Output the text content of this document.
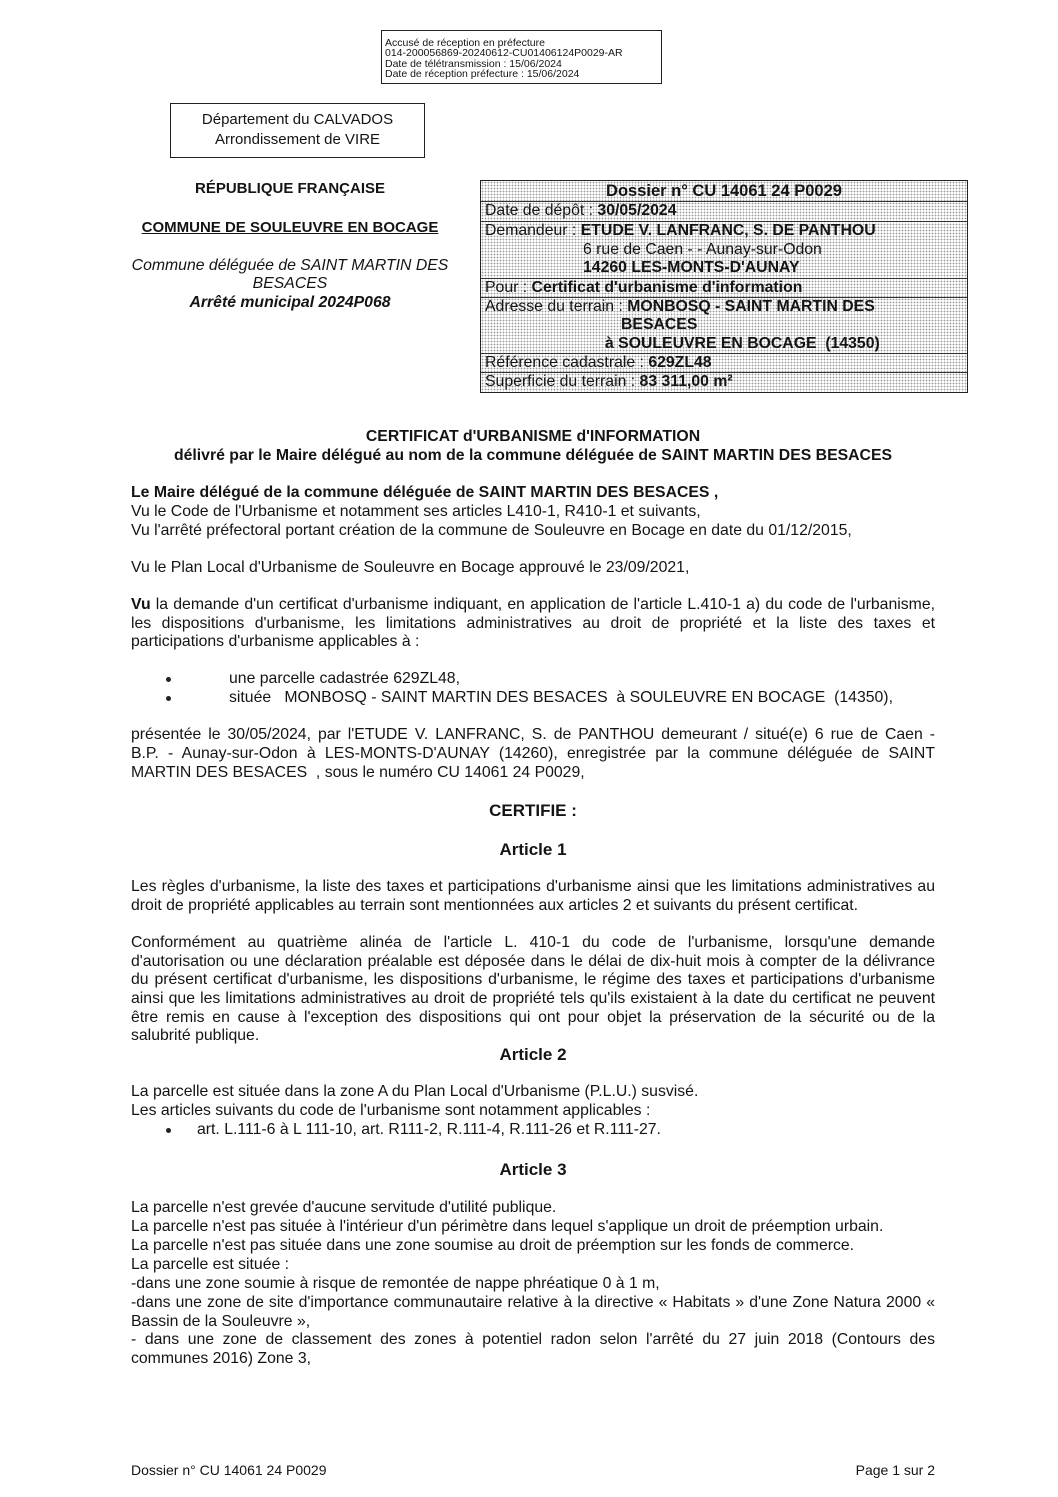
Accusé de réception en préfecture
014-200056869-20240612-CU01406124P0029-AR
Date de télétransmission : 15/06/2024
Date de réception préfecture : 15/06/2024
Département du CALVADOS
Arrondissement de VIRE
RÉPUBLIQUE FRANÇAISE
COMMUNE DE SOULEUVRE EN BOCAGE
Commune déléguée de SAINT MARTIN DES
BESACES
Arrêté municipal 2024P068
Dossier n° CU 14061 24 P0029
Date de dépôt : 30/05/2024
Demandeur : ETUDE V. LANFRANC, S. DE PANTHOU
6 rue de Caen - - Aunay-sur-Odon
14260 LES-MONTS-D'AUNAY
Pour : Certificat d'urbanisme d'information
Adresse du terrain : MONBOSQ - SAINT MARTIN DES
BESACES
à SOULEUVRE EN BOCAGE  (14350)
Référence cadastrale : 629ZL48
Superficie du terrain : 83 311,00 m²
CERTIFICAT d'URBANISME d'INFORMATION
délivré par le Maire délégué au nom de la commune déléguée de SAINT MARTIN DES BESACES
Le Maire délégué de la commune déléguée de SAINT MARTIN DES BESACES ,
Vu le Code de l'Urbanisme et notamment ses articles L410-1, R410-1 et suivants,
Vu l'arrêté préfectoral portant création de la commune de Souleuvre en Bocage en date du 01/12/2015,
Vu le Plan Local d'Urbanisme de Souleuvre en Bocage approuvé le 23/09/2021,
Vu la demande d'un certificat d'urbanisme indiquant, en application de l'article L.410-1 a) du code de l'urbanisme,
les dispositions d'urbanisme, les limitations administratives au droit de propriété et la liste des taxes et
participations d'urbanisme applicables à :
une parcelle cadastrée 629ZL48,
située   MONBOSQ - SAINT MARTIN DES BESACES  à SOULEUVRE EN BOCAGE  (14350),
présentée le 30/05/2024, par l'ETUDE V. LANFRANC, S. de PANTHOU demeurant / situé(e) 6 rue de Caen -
B.P. - Aunay-sur-Odon à LES-MONTS-D'AUNAY (14260), enregistrée par la commune déléguée de SAINT
MARTIN DES BESACES  , sous le numéro CU 14061 24 P0029,
CERTIFIE :
Article 1
Les règles d'urbanisme, la liste des taxes et participations d'urbanisme ainsi que les limitations administratives au
droit de propriété applicables au terrain sont mentionnées aux articles 2 et suivants du présent certificat.
Conformément au quatrième alinéa de l'article L. 410-1 du code de l'urbanisme, lorsqu'une demande
d'autorisation ou une déclaration préalable est déposée dans le délai de dix-huit mois à compter de la délivrance
du présent certificat d'urbanisme, les dispositions d'urbanisme, le régime des taxes et participations d'urbanisme
ainsi que les limitations administratives au droit de propriété tels qu'ils existaient à la date du certificat ne peuvent
être remis en cause à l'exception des dispositions qui ont pour objet la préservation de la sécurité ou de la
salubrité publique.
Article 2
La parcelle est située dans la zone A du Plan Local d'Urbanisme (P.L.U.) susvisé.
Les articles suivants du code de l'urbanisme sont notamment applicables :
art. L.111-6 à L 111-10, art. R111-2, R.111-4, R.111-26 et R.111-27.
Article 3
La parcelle n'est grevée d'aucune servitude d'utilité publique.
La parcelle n'est pas située à l'intérieur d'un périmètre dans lequel s'applique un droit de préemption urbain.
La parcelle n'est pas située dans une zone soumise au droit de préemption sur les fonds de commerce.
La parcelle est située :
-dans une zone soumie à risque de remontée de nappe phréatique 0 à 1 m,
-dans une zone de site d'importance communautaire relative à la directive « Habitats » d'une Zone Natura 2000 «
Bassin de la Souleuvre »,
- dans une zone de classement des zones à potentiel radon selon l'arrêté du 27 juin 2018 (Contours des
communes 2016) Zone 3,
Dossier n° CU 14061 24 P0029	Page 1 sur 2
